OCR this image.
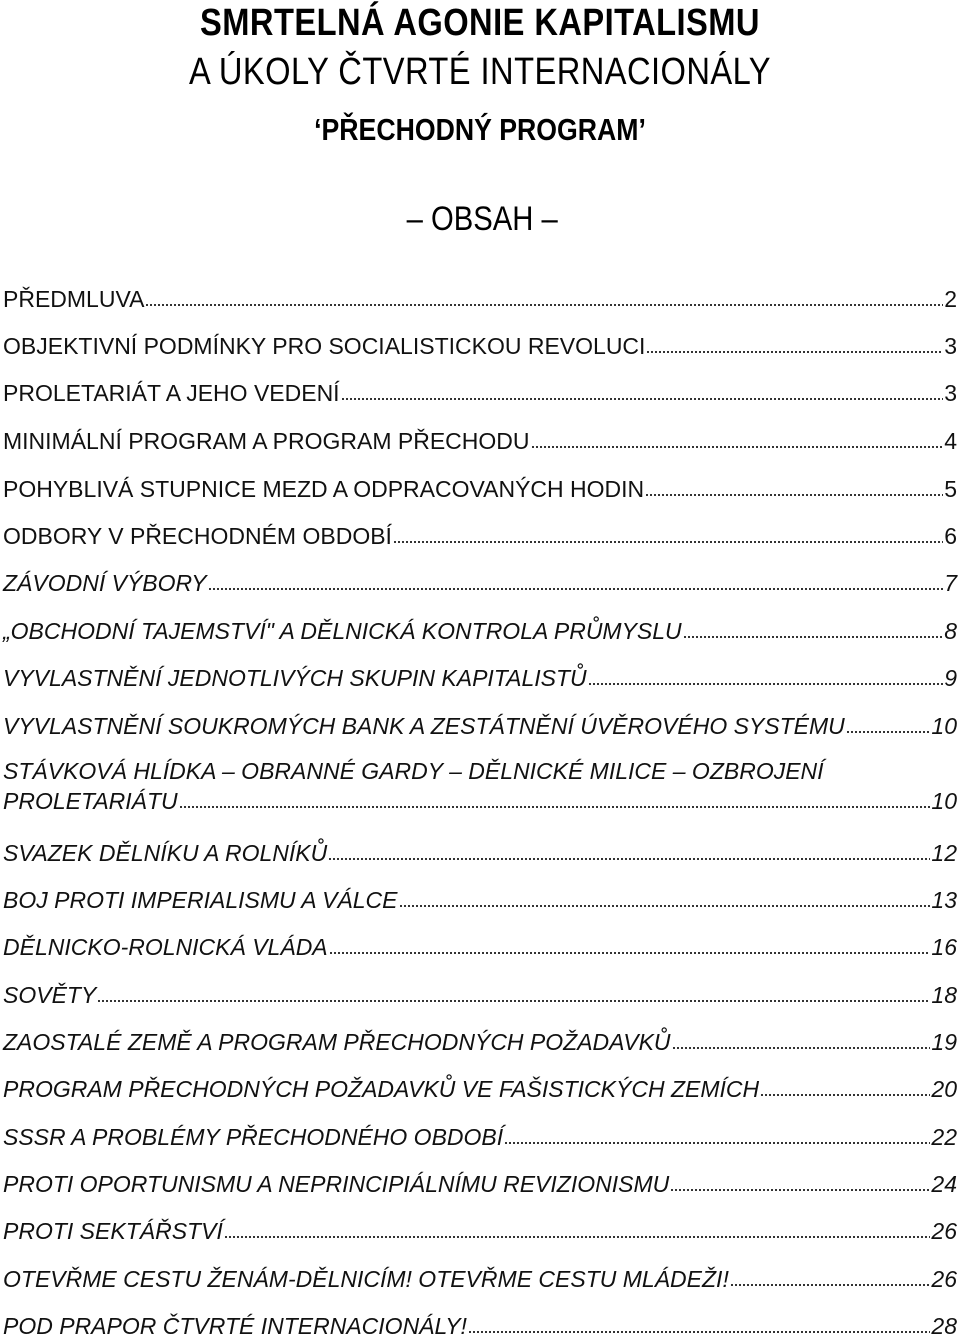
SMRTELNÁ AGONIE KAPITALISMU
A ÚKOLY ČTVRTÉ INTERNACIONÁLY
‘PŘECHODNÝ PROGRAM’
– OBSAH –
PŘEDMLUVA	2
OBJEKTIVNÍ PODMÍNKY PRO SOCIALISTICKOU REVOLUCI	3
PROLETARIÁT A JEHO VEDENÍ	3
MINIMÁLNÍ PROGRAM A PROGRAM PŘECHODU	4
POHYBLIVÁ STUPNICE MEZD A ODPRACOVANÝCH HODIN	5
ODBORY V PŘECHODNÉM OBDOBÍ	6
ZÁVODNÍ VÝBORY	7
„OBCHODNÍ TAJEMSTVÍ" A DĚLNICKÁ KONTROLA PRŮMYSLU	8
VYVLASTNĚNÍ JEDNOTLIVÝCH SKUPIN KAPITALISTŮ	9
VYVLASTNĚNÍ SOUKROMÝCH BANK A ZESTÁTNĚNÍ ÚVĚROVÉHO SYSTÉMU	10
STÁVKOVÁ HLÍDKA – OBRANNÉ GARDY – DĚLNICKÉ MILICE – OZBROJENÍ
PROLETARIÁTU	10
SVAZEK DĚLNÍKU A ROLNÍKŮ	12
BOJ PROTI IMPERIALISMU A VÁLCE	13
DĚLNICKO-ROLNICKÁ VLÁDA	16
SOVĚTY	18
ZAOSTALÉ ZEMĚ A PROGRAM PŘECHODNÝCH POŽADAVKŮ	19
PROGRAM PŘECHODNÝCH POŽADAVKŮ VE FAŠISTICKÝCH ZEMÍCH	20
SSSR A PROBLÉMY PŘECHODNÉHO OBDOBÍ	22
PROTI OPORTUNISMU A NEPRINCIPIÁLNÍMU REVIZIONISMU	24
PROTI SEKTÁŘSTVÍ	26
OTEVŘME CESTU ŽENÁM-DĚLNICÍM! OTEVŘME CESTU MLÁDEŽI!	26
POD PRAPOR ČTVRTÉ INTERNACIONÁLY!	28
